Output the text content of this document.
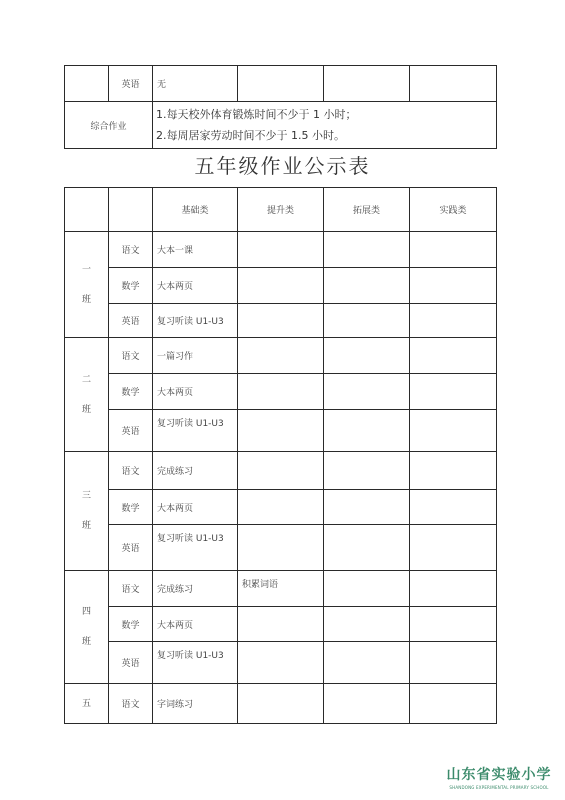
	英语	无			
综合作业		1.每天校外体育锻炼时间不少于 1 小时；
2.每周居家劳动时间不少于 1.5 小时。			
五年级作业公示表
		基础类	提升类	拓展类	实践类
一
班	语文	大本一课			
	数学	大本两页			
	英语	复习听读 U1-U3			
二
班	语文	一篇习作			
	数学	大本两页			
	英语	复习听读 U1-U3			
三
班	语文	完成练习			
	数学	大本两页			
	英语	复习听读 U1-U3			
四
班	语文	完成练习	积累词语		
	数学	大本两页			
	英语	复习听读 U1-U3			
五	语文	字词练习			
山东省实验小学
SHANDONG EXPERIMENTAL PRIMARY SCHOOL
